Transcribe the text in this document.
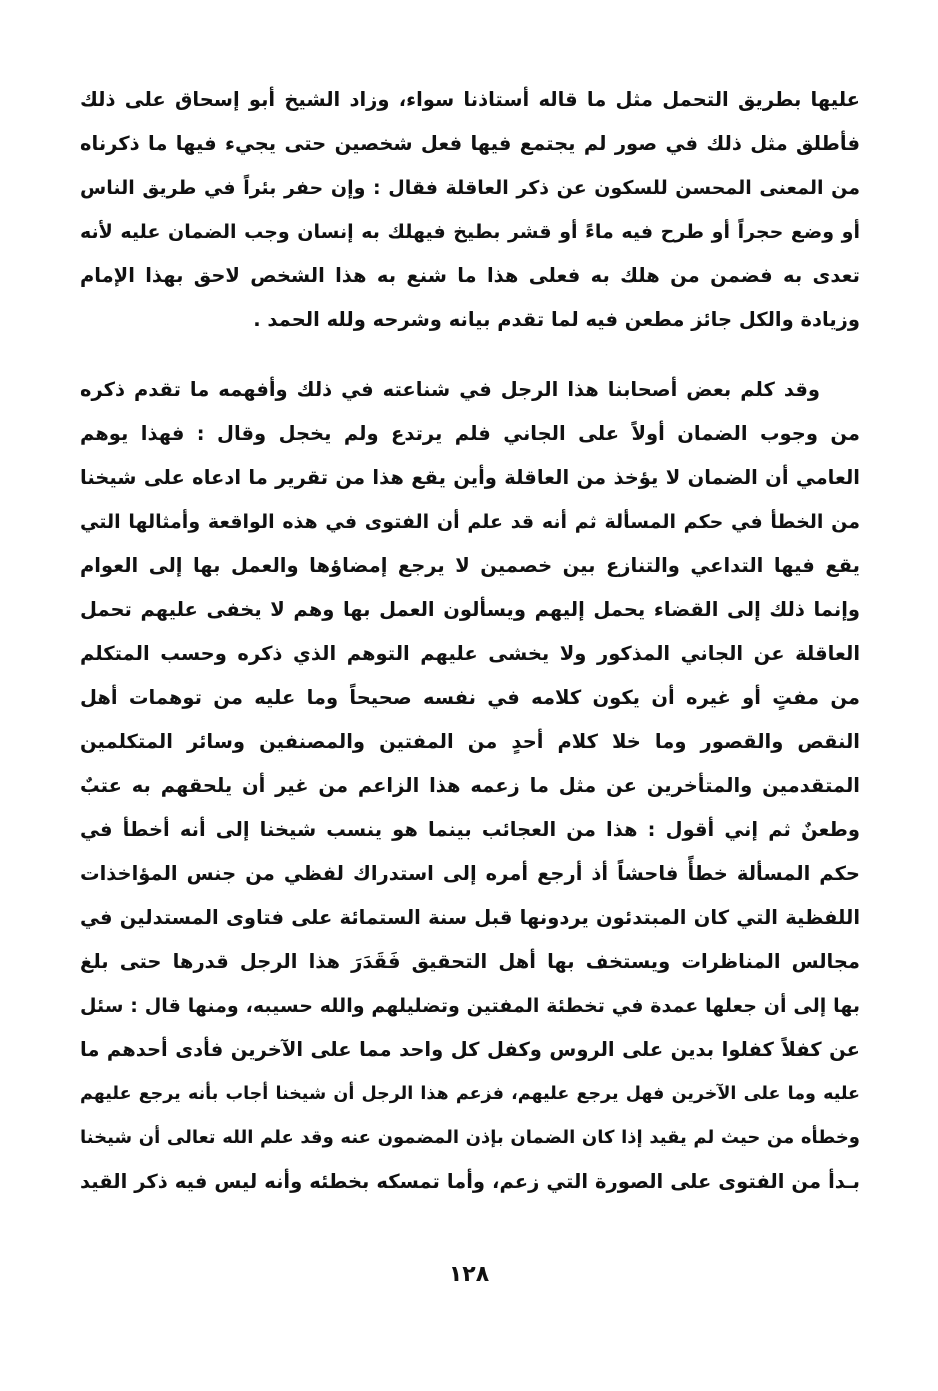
عليها بطريق التحمل مثل ما قاله أستاذنا سواء، وزاد الشيخ أبو إسحاق على ذلك
فأطلق مثل ذلك في صور لم يجتمع فيها فعل شخصين حتى يجيء فيها ما ذكرناه
من المعنى المحسن للسكون عن ذكر العاقلة فقال : وإن حفر بئراً في طريق الناس
أو وضع حجراً أو طرح فيه ماءً أو قشر بطيخ فيهلك به إنسان وجب الضمان عليه لأنه
تعدى به فضمن من هلك به فعلى هذا ما شنع به هذا الشخص لاحق بهذا الإمام
وزيادة والكل جائز مطعن فيه لما تقدم بيانه وشرحه ولله الحمد .
وقد كلم بعض أصحابنا هذا الرجل في شناعته في ذلك وأفهمه ما تقدم ذكره
من وجوب الضمان أولاً على الجاني فلم يرتدع ولم يخجل وقال : فهذا يوهم
العامي أن الضمان لا يؤخذ من العاقلة وأين يقع هذا من تقرير ما ادعاه على شيخنا
من الخطأ في حكم المسألة ثم أنه قد علم أن الفتوى في هذه الواقعة وأمثالها التي
يقع فيها التداعي والتنازع بين خصمين لا يرجع إمضاؤها والعمل بها إلى العوام
وإنما ذلك إلى القضاء يحمل إليهم ويسألون العمل بها وهم لا يخفى عليهم تحمل
العاقلة عن الجاني المذكور ولا يخشى عليهم التوهم الذي ذكره وحسب المتكلم
من مفتٍ أو غيره أن يكون كلامه في نفسه صحيحاً وما عليه من توهمات أهل
النقص والقصور وما خلا كلام أحدٍ من المفتين والمصنفين وسائر المتكلمين
المتقدمين والمتأخرين عن مثل ما زعمه هذا الزاعم من غير أن يلحقهم به عتبٌ
وطعنٌ ثم إني أقول : هذا من العجائب بينما هو ينسب شيخنا إلى أنه أخطأ في
حكم المسألة خطأً فاحشاً أذ أرجع أمره إلى استدراك لفظي من جنس المؤاخذات
اللفظية التي كان المبتدئون يردونها قبل سنة الستمائة على فتاوى المستدلين في
مجالس المناظرات ويستخف بها أهل التحقيق فَقَدَرَ هذا الرجل قدرها حتى بلغ
بها إلى أن جعلها عمدة في تخطئة المفتين وتضليلهم والله حسيبه، ومنها قال : سئل
عن كفلاً كفلوا بدين على الروس وكفل كل واحد مما على الآخرين فأدى أحدهم ما
عليه وما على الآخرين فهل يرجع عليهم، فزعم هذا الرجل أن شيخنا أجاب بأنه يرجع عليهم
وخطأه من حيث لم يقيد إذا كان الضمان بإذن المضمون عنه وقد علم الله تعالى أن شيخنا
بـدأ من الفتوى على الصورة التي زعم، وأما تمسكه بخطئه وأنه ليس فيه ذكر القيد
١٢٨
